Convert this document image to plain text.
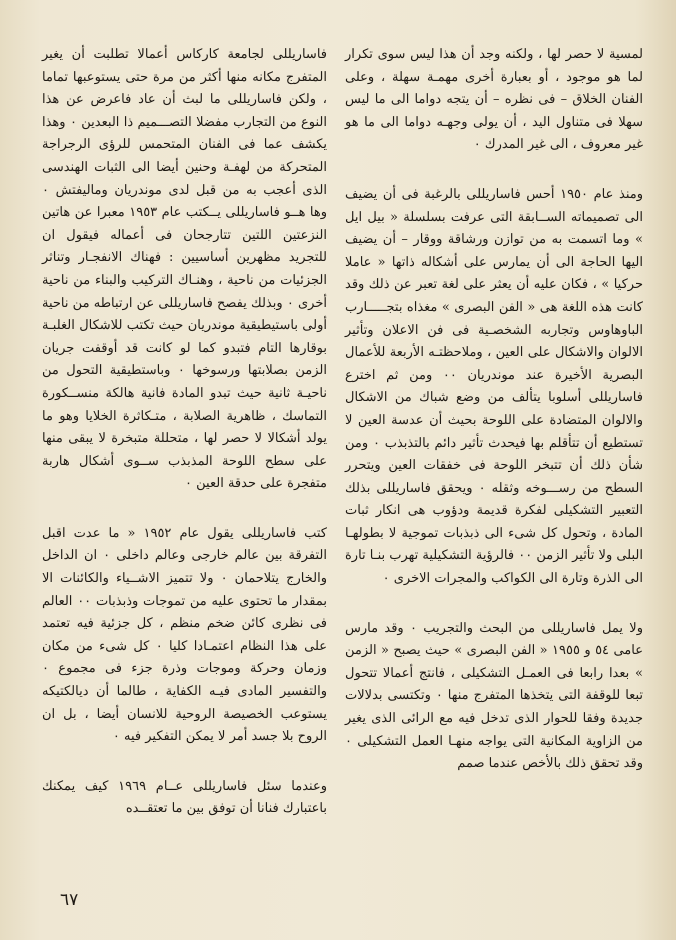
لمسية لا حصر لها ، ولكنه وجد أن هذا ليس سوى تكرار لما هو موجود ، أو بعبارة أخرى مهمـة سهلة ، وعلى الفنان الخلاق – فى نظره – أن يتجه دواما الى ما ليس سهلا فى متناول اليد ، أن يولى وجهـه دواما الى ما هو غير معروف ، الى غير المدرك ٠

ومنذ عام ١٩٥٠ أحس فاساريللى بالرغبة فى أن يضيف الى تصميماته الســابقة التى عرفت بسلسلة « بيل ايل » وما اتسمت به من توازن ورشاقة ووقار – أن يضيف اليها الحاجة الى أن يمارس على أشكاله ذاتها « عاملا حركيا » ، فكان عليه أن يعثر على لغة تعبر عن ذلك وقد كانت هذه اللغة هى « الفن البصرى » مغذاه بتجـــــارب الباوهاوس وتجاربه الشخصـية فى فن الاعلان وتأثير الالوان والاشكال على العين ، وملاحظتـه الأربعة للأعمال البصرية الأخيرة عند موندريان ٠٠ ومن ثم اخترع فاساريللى أسلوبا يتألف من وضع شباك من الاشكال والالوان المتضادة على اللوحة بحيث أن عدسة العين لا تستطيع أن تتأقلم بها فيحدث تأثير دائم بالتذبذب ٠ ومن شأن ذلك أن تتبخر اللوحة فى خفقات العين ويتحرر السطح من رســـوخه وثقله ٠ ويحقق فاساريللى بذلك التعبير التشكيلى لفكرة قديمة ودؤوب هى انكار ثبات المادة ، وتحول كل شىء الى ذبذبات تموجية لا بطولهـا البلى ولا تأثير الزمن ٠٠ فالرؤية التشكيلية تهرب بنـا تارة الى الذرة وتارة الى الكواكب والمجرات الاخرى ٠

ولا يمل فاساريللى من البحث والتجريب ٠ وقد مارس عامى ٥٤ و ١٩٥٥ « الفن البصرى » حيث يصبح « الزمن » بعدا رابعا فى العمـل التشكيلى ، فانتج أعمالا تتحول تبعا للوقفة التى يتخذها المتفرج منها ٠ وتكتسى بدلالات جديدة وفقا للحوار الذى تدخل فيه مع الرائى الذى يغير من الزاوية المكانية التى يواجه منهـا العمل التشكيلى ٠ وقد تحقق ذلك بالأخص عندما صمم

فاساريللى لجامعة كاركاس أعمالا تطلبت أن يغير المتفرج مكانه منها أكثر من مرة حتى يستوعبها تماما ، ولكن فاساريللى ما لبث أن عاد فاعرض عن هذا النوع من التجارب مفضلا التصـــميم ذا البعدين ٠ وهذا يكشف عما فى الفنان المتحمس للرؤى الرجراجة المتحركة من لهفـة وحنين أيضا الى الثبات الهندسى الذى أعجب به من قبل لدى موندريان وماليفتش ٠ وها هــو فاساريللى يــكتب عام ١٩٥٣ معبرا عن هاتين النزعتين اللتين تتارجحان فى أعماله فيقول ان للتجريد مظهرين أساسيين : فهناك الانفجـار وتناثر الجزئيات من ناحية ، وهنـاك التركيب والبناء من ناحية أخرى ٠ وبذلك يفصح فاساريللى عن ارتباطه من ناحية أولى باستيطيقية موندريان حيث تكتب للاشكال الغلبـة بوقارها التام فتبدو كما لو كانت قد أوقفت جريان الزمن بصلابتها ورسوخها ٠ وباستطيقية التحول من ناحيـة ثانية حيث تبدو المادة فانية هالكة منســكورة التماسك ، ظاهرية الصلابة ، متـكاثرة الخلايا وهو ما يولد أشكالا لا حصر لها ، متحللة متبخرة لا يبقى منها على سطح اللوحة المذبذب ســوى أشكال هاربة متفجرة على حدقة العين ٠

كتب فاساريللى يقول عام ١٩٥٢ « ما عدت اقبل التفرقة بين عالم خارجى وعالم داخلى ٠ ان الداخل والخارج يتلاحمان ٠ ولا تتميز الاشــياء والكائنات الا بمقدار ما تحتوى عليه من تموجات وذبذبات ٠٠ العالم فى نظرى كائن ضخم منظم ، كل جزئية فيه تعتمد على هذا النظام اعتمـادا كليا ٠ كل شىء من مكان وزمان وحركة وموجات وذرة جزء فى مجموع ٠ والتفسير المادى فيـه الكفاية ، طالما أن ديالكتيكه يستوعب الخصيصة الروحية للانسان أيضا ، بل ان الروح بلا جسد أمر لا يمكن التفكير فيه ٠

وعندما سئل فاساريللى عــام ١٩٦٩ كيف يمكنك باعتبارك فنانا أن توفق بين ما تعتقــده

٦٧
